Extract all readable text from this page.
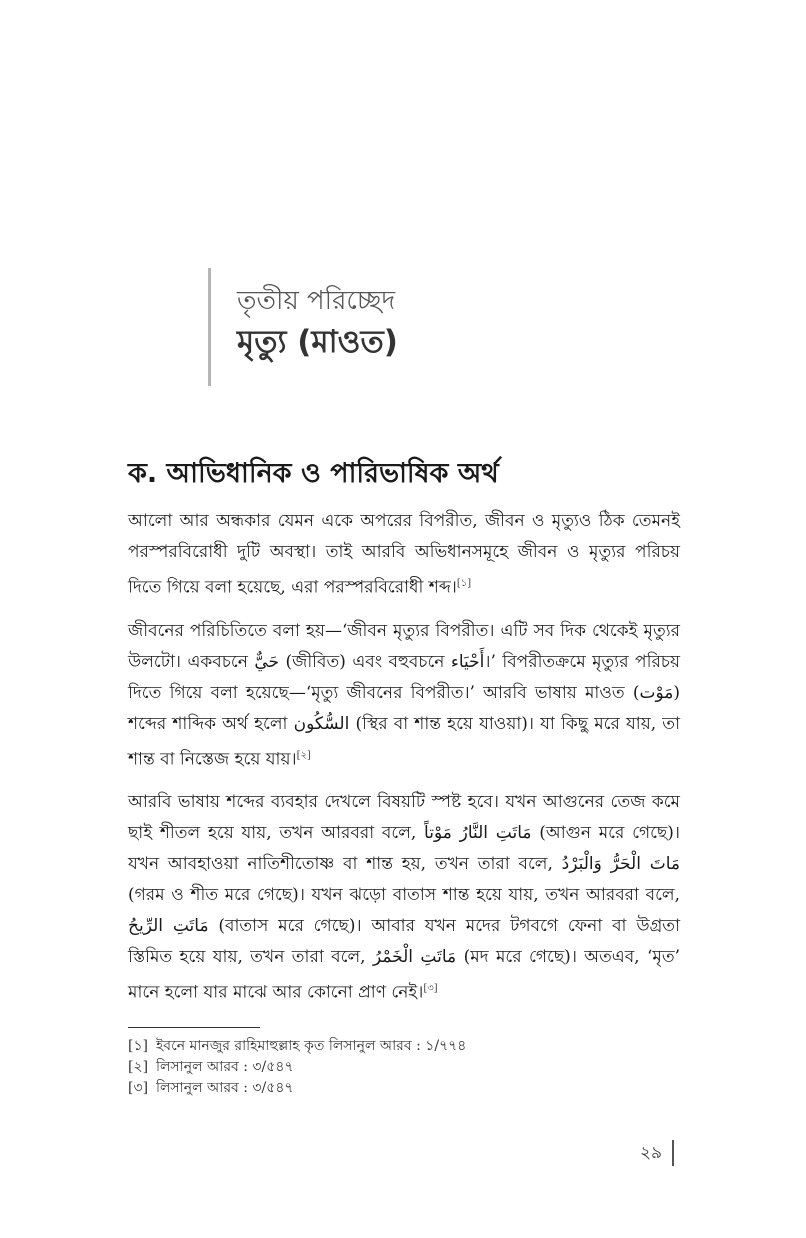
তৃতীয় পরিচ্ছেদ
মৃত্যু (মাওত)
ক. আভিধানিক ও পারিভাষিক অর্থ

আলো আর অন্ধকার যেমন একে অপরের বিপরীত, জীবন ও মৃত্যুও ঠিক তেমনই পরস্পরবিরোধী দুটি অবস্থা। তাই আরবি অভিধানসমূহে জীবন ও মৃত্যুর পরিচয় দিতে গিয়ে বলা হয়েছে, এরা পরস্পরবিরোধী শব্দ।[১]

জীবনের পরিচিতিতে বলা হয়—‘জীবন মৃত্যুর বিপরীত। এটি সব দিক থেকেই মৃত্যুর উলটো। একবচনে حَيٌّ (জীবিত) এবং বহুবচনে أَحْيَاء।’ বিপরীতক্রমে মৃত্যুর পরিচয় দিতে গিয়ে বলা হয়েছে—‘মৃত্যু জীবনের বিপরীত।’ আরবি ভাষায় মাওত (مَوْت) শব্দের শাব্দিক অর্থ হলো السُّكُون (স্থির বা শান্ত হয়ে যাওয়া)। যা কিছু মরে যায়, তা শান্ত বা নিস্তেজ হয়ে যায়।[২]

আরবি ভাষায় শব্দের ব্যবহার দেখলে বিষয়টি স্পষ্ট হবে। যখন আগুনের তেজ কমে ছাই শীতল হয়ে যায়, তখন আরবরা বলে, مَاتَتِ النَّارُ مَوْتاً (আগুন মরে গেছে)। যখন আবহাওয়া নাতিশীতোষ্ণ বা শান্ত হয়, তখন তারা বলে, مَاتَ الْحَرُّ وَالْبَرْدُ (গরম ও শীত মরে গেছে)। যখন ঝড়ো বাতাস শান্ত হয়ে যায়, তখন আরবরা বলে, مَاتَتِ الرِّيحُ (বাতাস মরে গেছে)। আবার যখন মদের টগবগে ফেনা বা উগ্রতা স্তিমিত হয়ে যায়, তখন তারা বলে, مَاتَتِ الْخَمْرُ (মদ মরে গেছে)। অতএব, ‘মৃত’ মানে হলো যার মাঝে আর কোনো প্রাণ নেই।[৩]

[১] ইবনে মানজুর রাহিমাহুল্লাহ কৃত লিসানুল আরব : ১/৭৭৪
[২] লিসানুল আরব : ৩/৫৪৭
[৩] লিসানুল আরব : ৩/৫৪৭
২৯
